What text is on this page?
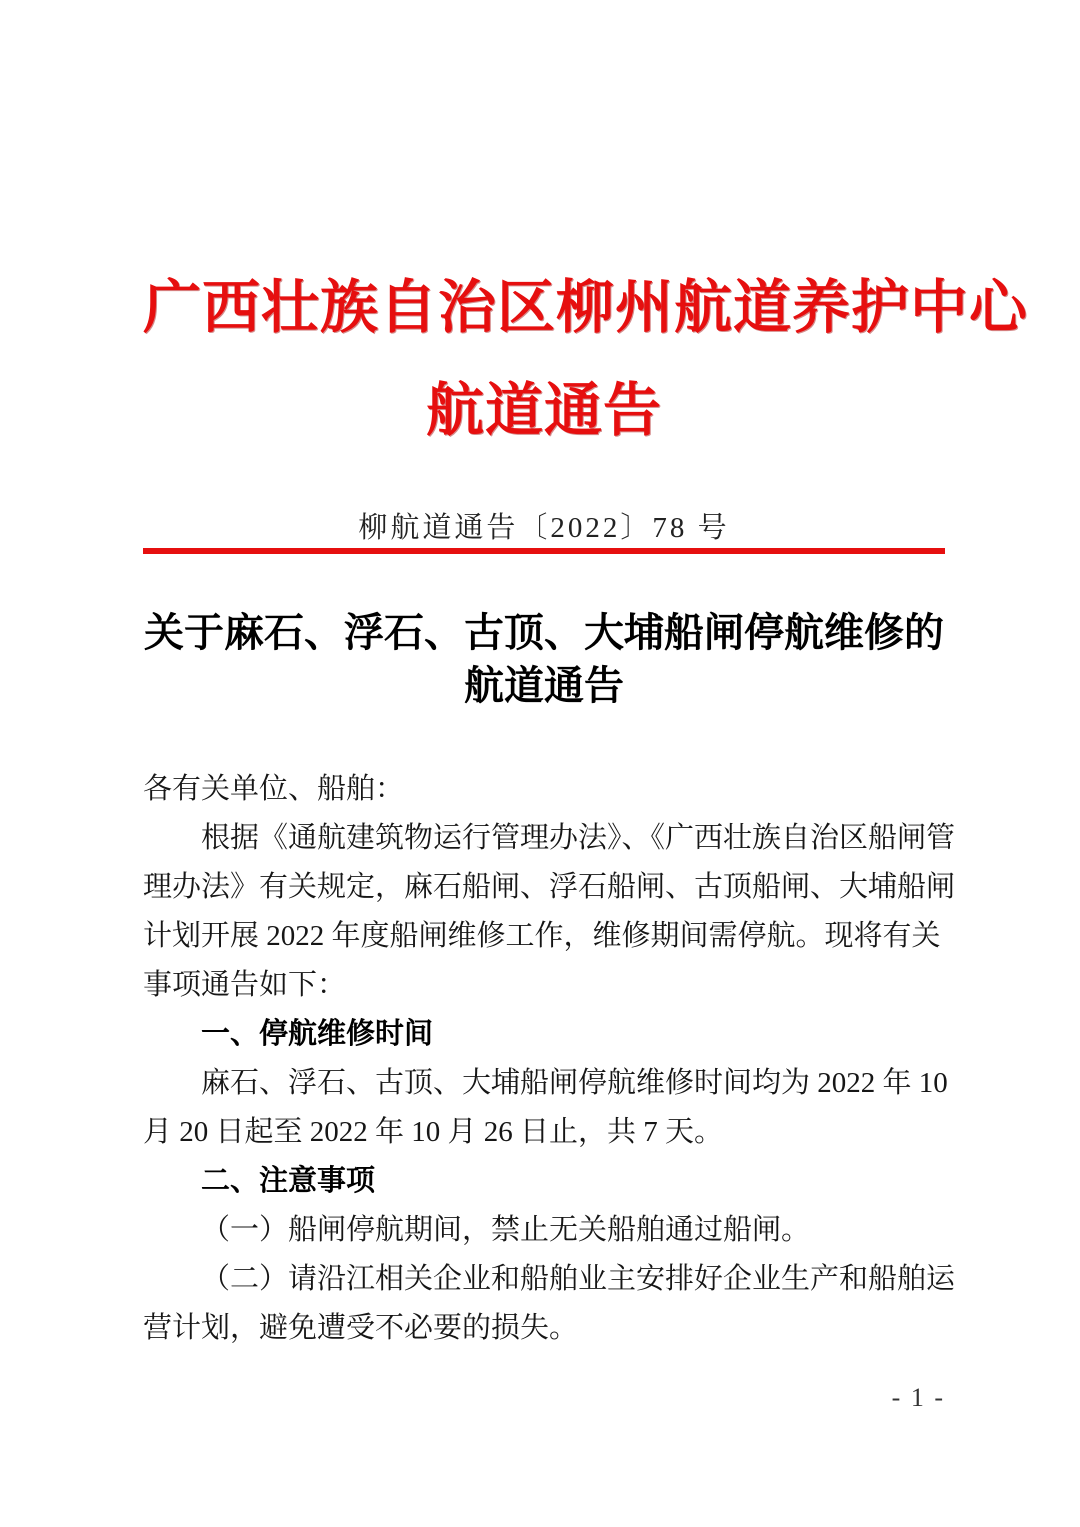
广西壮族自治区柳州航道养护中心
航道通告
柳航道通告〔2022〕78 号
关于麻石、浮石、古顶、大埔船闸停航维修的
航道通告
各有关单位、船舶：
根据《通航建筑物运行管理办法》、《广西壮族自治区船闸管
理办法》有关规定，麻石船闸、浮石船闸、古顶船闸、大埔船闸
计划开展 2022 年度船闸维修工作，维修期间需停航。现将有关
事项通告如下：
一、停航维修时间
麻石、浮石、古顶、大埔船闸停航维修时间均为 2022 年 10
月 20 日起至 2022 年 10 月 26 日止，共 7 天。
二、注意事项
（一）船闸停航期间，禁止无关船舶通过船闸。
（二）请沿江相关企业和船舶业主安排好企业生产和船舶运
营计划，避免遭受不必要的损失。
- 1 -
